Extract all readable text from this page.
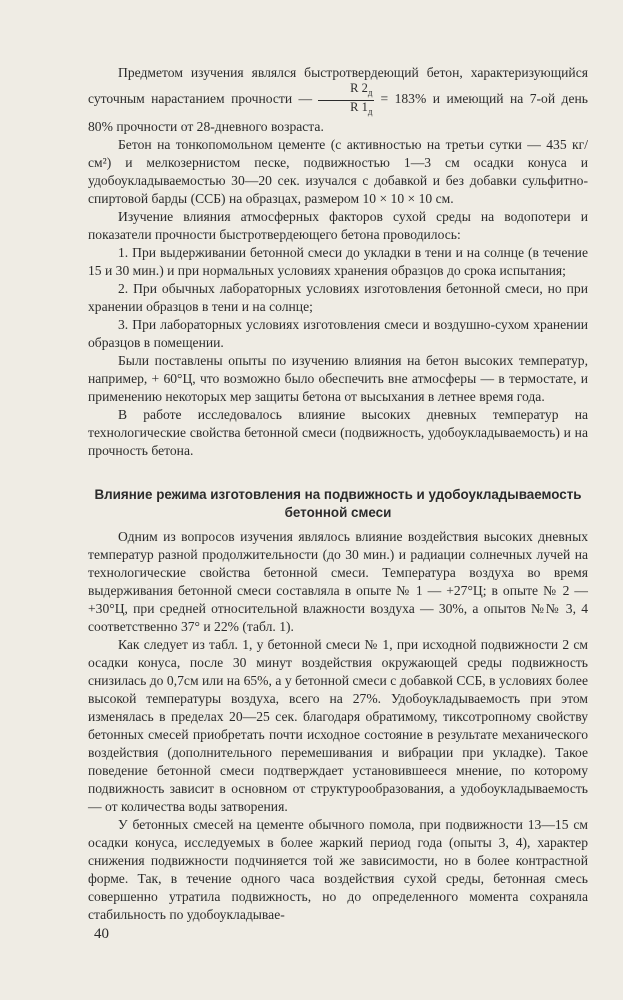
Предметом изучения являлся быстротвердеющий бетон, характеризующийся суточным нарастанием прочности — $\frac{R 2_д}{R 1_д} = 183\%$ и имеющий на 7-ой день 80% прочности от 28-дневного возраста.

Бетон на тонкопомольном цементе (с активностью на третьи сутки — 435 кг/см²) и мелкозернистом песке, подвижностью 1—3 см осадки конуса и удобоукладываемостью 30—20 сек. изучался с добавкой и без добавки сульфитно-спиртовой барды (ССБ) на образцах, размером 10 × 10 × 10 см.

Изучение влияния атмосферных факторов сухой среды на водопотери и показатели прочности быстротвердеющего бетона проводилось:

1. При выдерживании бетонной смеси до укладки в тени и на солнце (в течение 15 и 30 мин.) и при нормальных условиях хранения образцов до срока испытания;

2. При обычных лабораторных условиях изготовления бетонной смеси, но при хранении образцов в тени и на солнце;

3. При лабораторных условиях изготовления смеси и воздушно-сухом хранении образцов в помещении.

Были поставлены опыты по изучению влияния на бетон высоких температур, например, + 60°Ц, что возможно было обеспечить вне атмосферы — в термостате, и применению некоторых мер защиты бетона от высыхания в летнее время года.

В работе исследовалось влияние высоких дневных температур на технологические свойства бетонной смеси (подвижность, удобоукладываемость) и на прочность бетона.

Влияние режима изготовления на подвижность и удобоукладываемость бетонной смеси

Одним из вопросов изучения являлось влияние воздействия высоких дневных температур разной продолжительности (до 30 мин.) и радиации солнечных лучей на технологические свойства бетонной смеси. Температура воздуха во время выдерживания бетонной смеси составляла в опыте № 1 — +27°Ц; в опыте № 2 — +30°Ц, при средней относительной влажности воздуха — 30%, а опытов №№ 3, 4 соответственно 37° и 22% (табл. 1).

Как следует из табл. 1, у бетонной смеси № 1, при исходной подвижности 2 см осадки конуса, после 30 минут воздействия окружающей среды подвижность снизилась до 0,7см или на 65%, а у бетонной смеси с добавкой ССБ, в условиях более высокой температуры воздуха, всего на 27%. Удобоукладываемость при этом изменялась в пределах 20—25 сек. благодаря обратимому, тиксотропному свойству бетонных смесей приобретать почти исходное состояние в результате механического воздействия (дополнительного перемешивания и вибрации при укладке). Такое поведение бетонной смеси подтверждает установившееся мнение, по которому подвижность зависит в основном от структурообразования, а удобоукладываемость — от количества воды затворения.

У бетонных смесей на цементе обычного помола, при подвижности 13—15 см осадки конуса, исследуемых в более жаркий период года (опыты 3, 4), характер снижения подвижности подчиняется той же зависимости, но в более контрастной форме. Так, в течение одного часа воздействия сухой среды, бетонная смесь совершенно утратила подвижность, но до определенного момента сохраняла стабильность по удобоукладывае-

40
